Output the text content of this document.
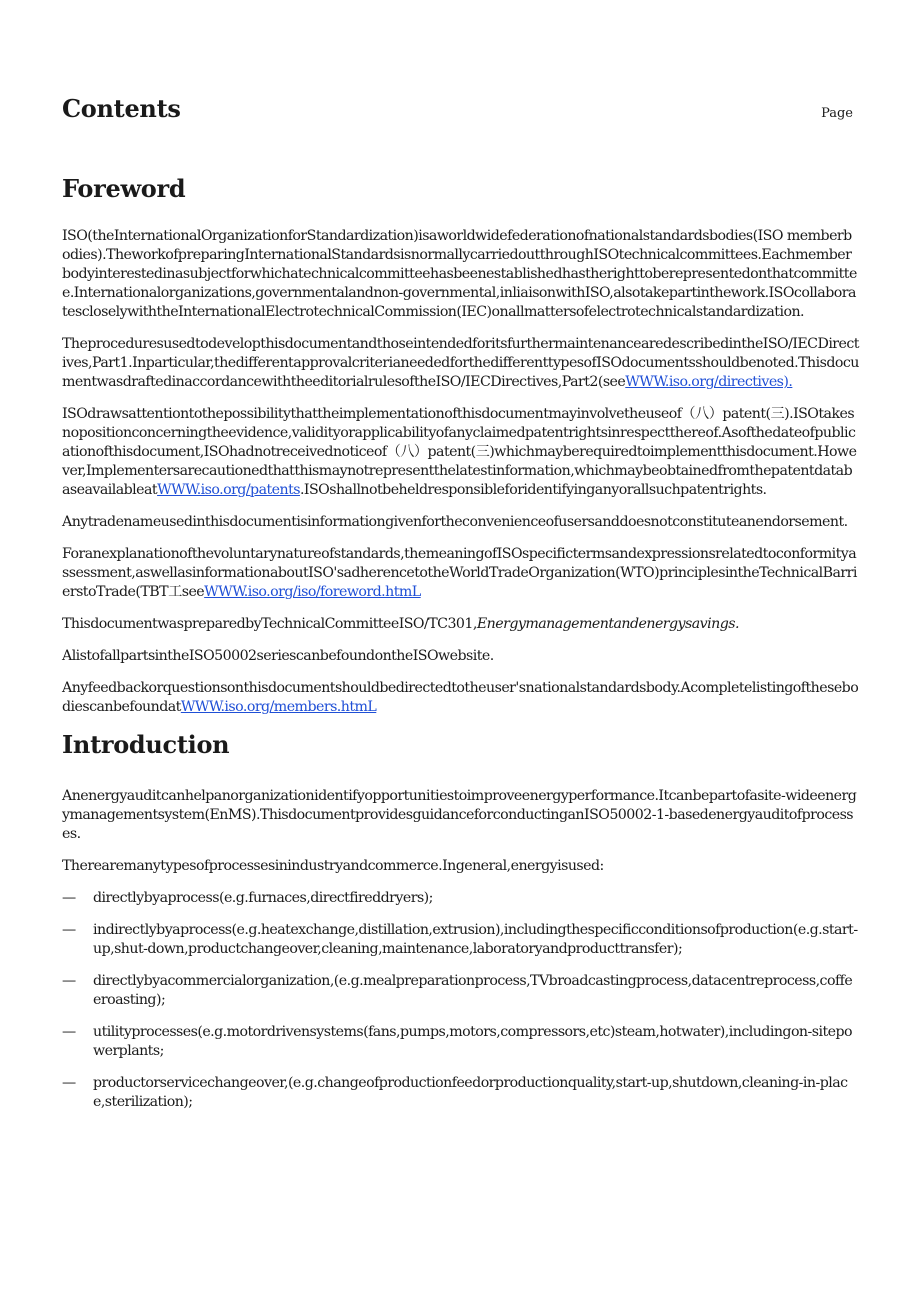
Contents	Page
Foreword

ISO(theInternationalOrganizationforStandardization)isaworldwidefederationofnationalstandardsbodies(ISO memberbodies).TheworkofpreparingInternationalStandardsisnormallycarriedoutthroughISOtechnicalcommittees.Eachmemberbodyinterestedinasubjectforwhichatechnicalcommitteehasbeenestablishedhastherighttoberepresentedonthatcommittee.Internationalorganizations,governmentalandnon-governmental,inliaisonwithISO,alsotakepartinthework.ISOcollaboratescloselywiththeInternationalElectrotechnicalCommission(IEC)onallmattersofelectrotechnicalstandardization.

TheproceduresusedtodevelopthisdocumentandthoseintendedforitsfurthermaintenancearedescribedintheISO/IECDirectives,Part1.Inparticular,thedifferentapprovalcriterianeededforthedifferenttypesofISOdocumentsshouldbenoted.ThisdocumentwasdraftedinaccordancewiththeeditorialrulesoftheISO/IECDirectives,Part2(seeWWW.iso.org/directives).

ISOdrawsattentiontothepossibilitythattheimplementationofthisdocumentmayinvolvetheuseof（八）patent(三).ISOtakesnopositionconcerningtheevidence,validityorapplicabilityofanyclaimedpatentrightsinrespectthereof.Asofthedateofpublicationofthisdocument,ISOhadnotreceivednoticeof（八）patent(三)whichmayberequiredtoimplementthisdocument.However,Implementersarecautionedthatthismaynotrepresentthelatestinformation,whichmaybeobtainedfromthepatentdatabaseavailableatWWW.iso.org/patents.ISOshallnotbeheldresponsibleforidentifyinganyorallsuchpatentrights.

Anytradenameusedinthisdocumentisinformationgivenfortheconvenienceofusersanddoesnotconstituteanendorsement.

Foranexplanationofthevoluntarynatureofstandards,themeaningofISOspecifictermsandexpressionsrelatedtoconformityassessment,aswellasinformationaboutISO'sadherencetotheWorldTradeOrganization(WTO)principlesintheTechnicalBarrierstoTrade(TBT工seeWWW.iso.org/iso/foreword.htmL

ThisdocumentwaspreparedbyTechnicalCommitteeISO/TC301,Energymanagementandenergysavings.

AlistofallpartsintheISO50002seriescanbefoundontheISOwebsite.

Anyfeedbackorquestionsonthisdocumentshouldbedirectedtotheuser'snationalstandardsbody.AcompletelistingofthesebodiescanbefoundatWWW.iso.org/members.htmL

Introduction

Anenergyauditcanhelpanorganizationidentifyopportunitiestoimproveenergyperformance.Itcanbepartofasite-wideenergymanagementsystem(EnMS).ThisdocumentprovidesguidanceforconductinganISO50002-1-basedenergyauditofprocesses.

Therearemanytypesofprocessesinindustryandcommerce.Ingeneral,energyisused:

— directlybyaprocess(e.g.furnaces,directfireddryers);
— indirectlybyaprocess(e.g.heatexchange,distillation,extrusion),includingthespecificconditionsofproduction(e.g.start-up,shut-down,productchangeover,cleaning,maintenance,laboratoryandproducttransfer);
— directlybyacommercialorganization,(e.g.mealpreparationprocess,TVbroadcastingprocess,datacentreprocess,coffeeroasting);
— utilityprocesses(e.g.motordrivensystems(fans,pumps,motors,compressors,etc)steam,hotwater),includingon-sitepowerplants;
— productorservicechangeover,(e.g.changeofproductionfeedorproductionquality,start-up,shutdown,cleaning-in-place,sterilization);
